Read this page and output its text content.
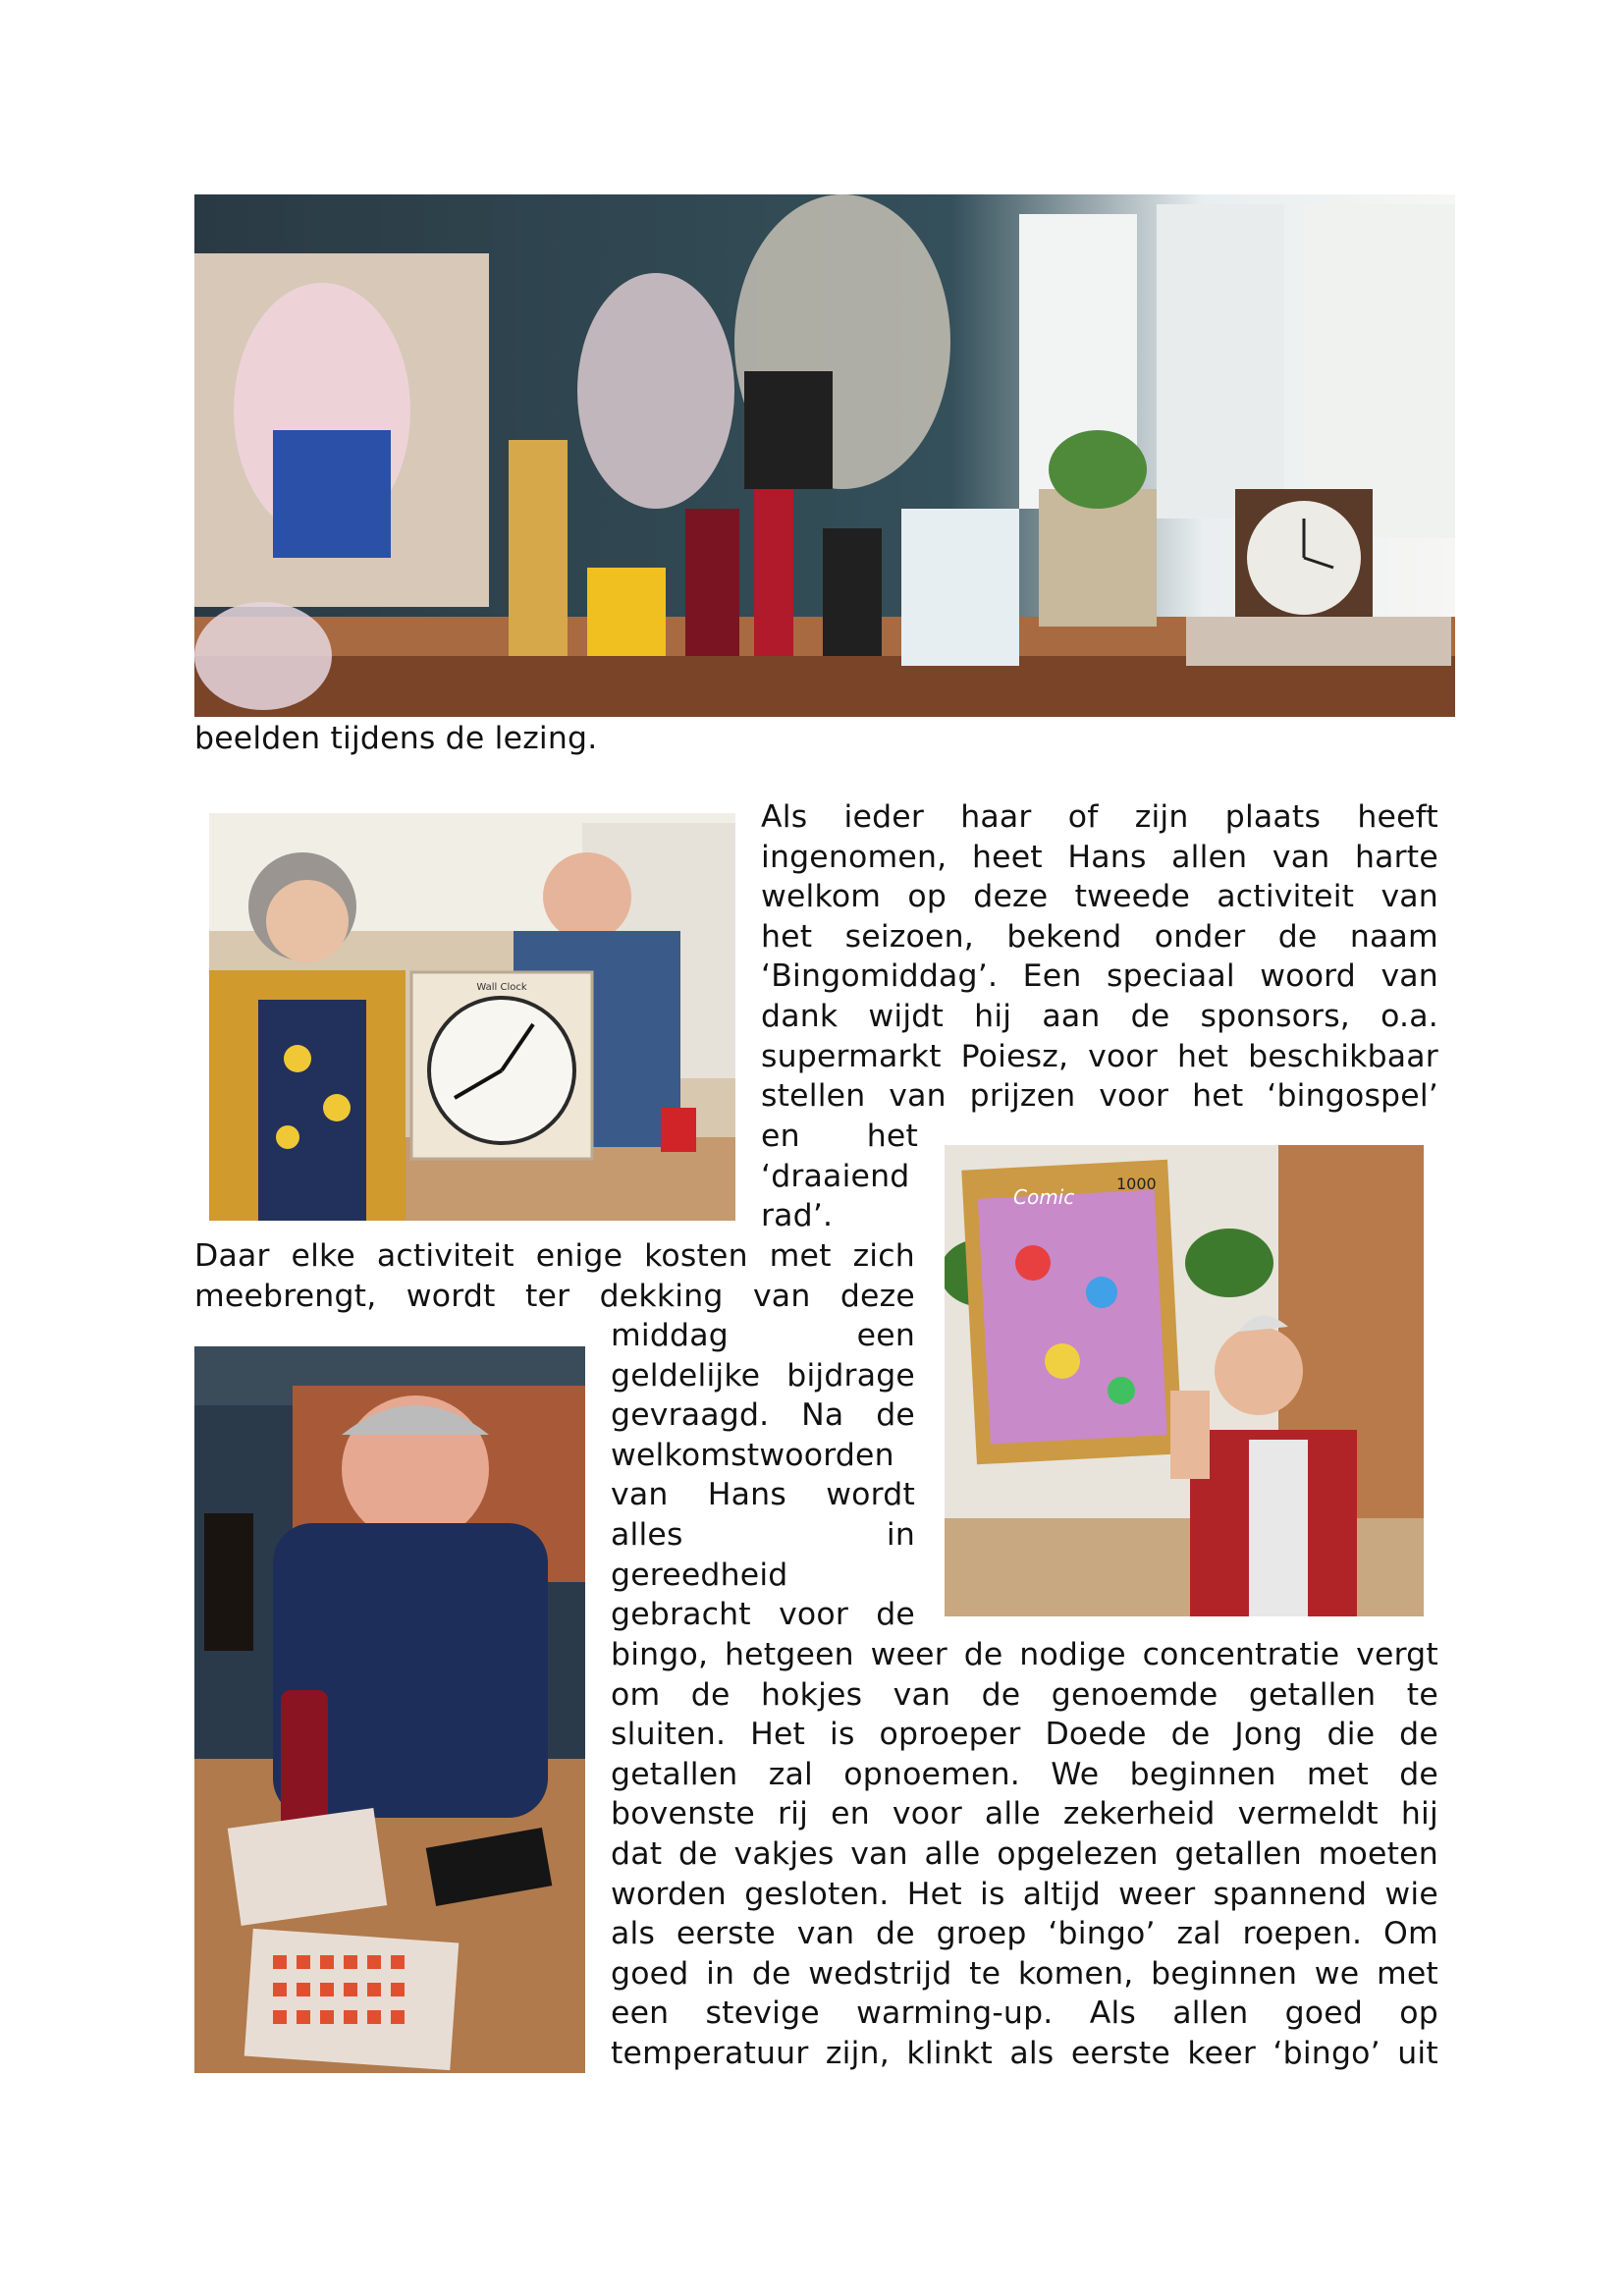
beelden tijdens de lezing.

Wall Clock
Als ieder haar of zijn plaats heeft
ingenomen, heet Hans allen van harte
welkom op deze tweede activiteit van
het seizoen, bekend onder de naam
‘Bingomiddag’. Een speciaal woord van
dank wijdt hij aan de sponsors, o.a.
supermarkt Poiesz, voor het beschikbaar
stellen van prijzen voor het ‘bingospel’
en het
‘draaiend
rad’.
Comic
1000
Daar elke activiteit enige kosten met zich
meebrengt, wordt ter dekking van deze
middag	een
geldelijke bijdrage
gevraagd. Na de
welkomstwoorden
van Hans wordt
alles	in
gereedheid
gebracht voor de
bingo, hetgeen weer de nodige concentratie vergt
om de hokjes van de genoemde getallen te
sluiten. Het is oproeper Doede de Jong die de
getallen zal opnoemen. We beginnen met de
bovenste rij en voor alle zekerheid vermeldt hij
dat de vakjes van alle opgelezen getallen moeten
worden gesloten. Het is altijd weer spannend wie
als eerste van de groep ‘bingo’ zal roepen. Om
goed in de wedstrijd te komen, beginnen we met
een stevige warming-up. Als allen goed op
temperatuur zijn, klinkt als eerste keer ‘bingo’ uit
